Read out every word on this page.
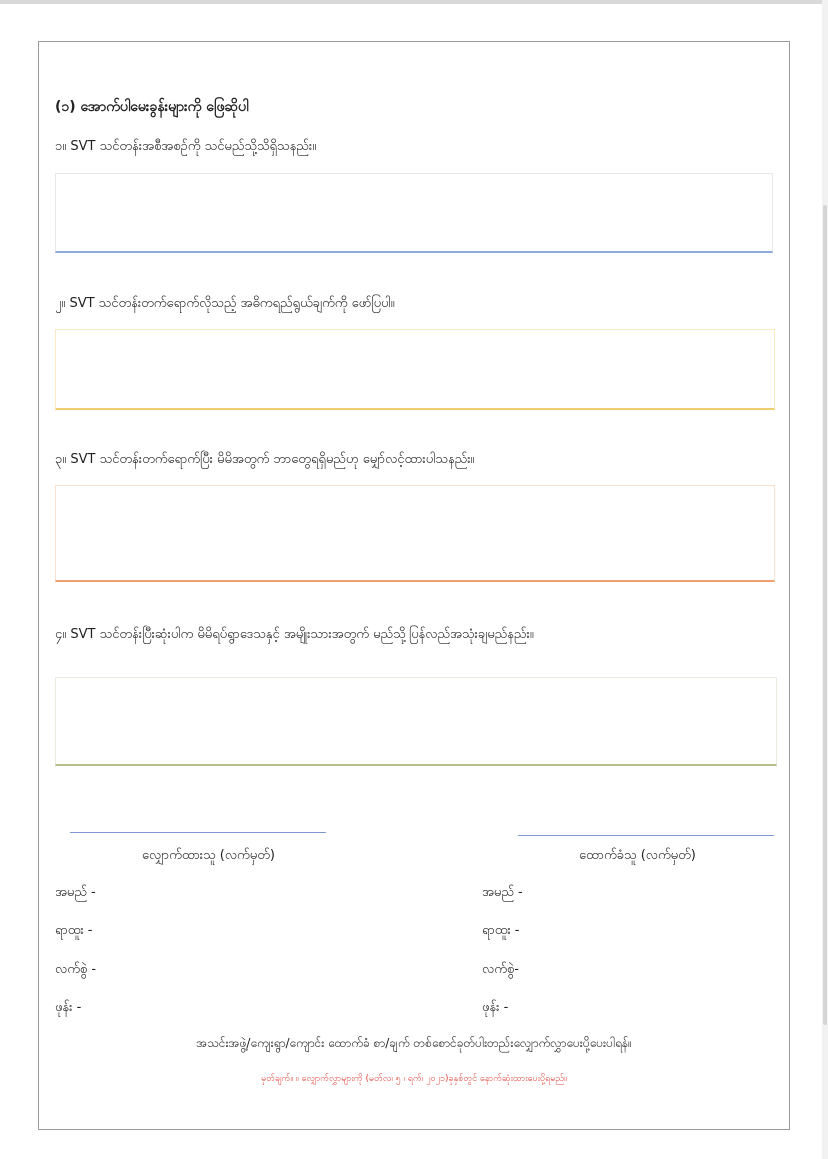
(၁) အောက်ပါမေးခွန်းများကို ဖြေဆိုပါ
၁။ SVT သင်တန်းအစီအစဉ်ကို သင်မည်သို့သိရှိသနည်း။
၂။ SVT သင်တန်းတက်ရောက်လိုသည့် အဓိကရည်ရွယ်ချက်ကို ဖော်ပြပါ။
၃။ SVT သင်တန်းတက်ရောက်ပြီး မိမိအတွက် ဘာတွေရရှိမည်ဟု မျှော်လင့်ထားပါသနည်း။
၄။ SVT သင်တန်းပြီးဆုံးပါက မိမိရပ်ရွာဒေသနှင့် အမျိုးသားအတွက် မည်သို့ပြန်လည်အသုံးချမည်နည်း။
လျှောက်ထားသူ (လက်မှတ်)
အမည် -
ရာထူး -
လက်စွဲ -
ဖုန်း -
ထောက်ခံသူ (လက်မှတ်)
အမည် -
ရာထူး -
လက်စွဲ-
ဖုန်း -
အသင်းအဖွဲ့/ကျေးရွာ/ကျောင်း ထောက်ခံ စာ/ချက် တစ်စောင်ခုတ်ပါးတည်းလျှောက်လွှာပေးပို့ပေးပါရန်။
မှတ်ချက်။ ။ လျှောက်လွှာများကို (မတ်လ၊ ၅ ၊ ရက်၊ ၂၀၂၁)ခုနှစ်တွင် နောက်ဆုံးထားပေးပို့ရမည်။
